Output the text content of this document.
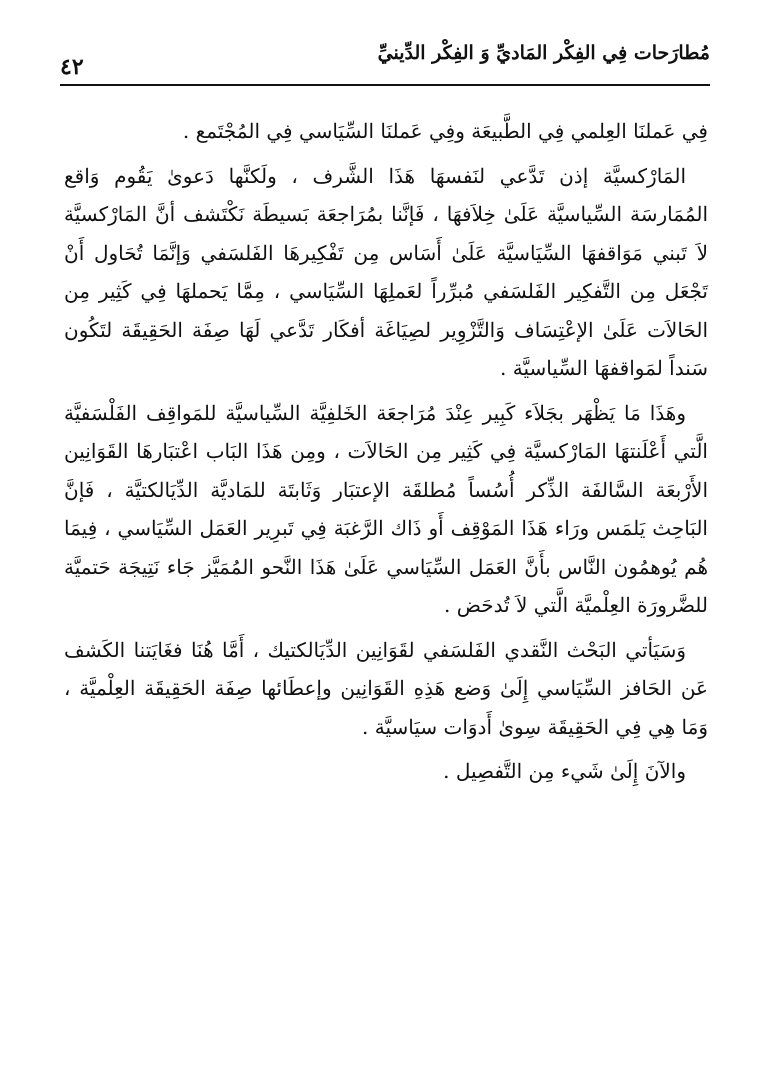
مُطارَحات فِي الفِكْر المَاديِّ وَ الفِكْر الدِّينيِّ
٤٢

فِي عَملنَا العِلمي فِي الطَّبيعَة وفِي عَملنَا السِّيَاسي فِي المُجْتَمع .

المَارْكسيَّة إذن تَدَّعي لنَفسهَا هَذَا الشَّرف ، ولَكنَّها دَعوىٰ يَقُوم وَاقع المُمَارسَة السِّياسيَّة عَلَىٰ خِلاَفهَا ، فَإنَّنا بمُرَاجعَة بَسيطَة نَكْتَشف أنَّ المَارْكسيَّة لاَ تَبني مَوَاقفهَا السِّيَاسيَّة عَلَىٰ أَسَاس مِن تَفْكِيرهَا الفَلسَفي وَإنَّمَا تُحَاول أَنْ تَجْعَل مِن التَّفكِير الفَلسَفي مُبرِّراً لعَملِهَا السِّيَاسي ، مِمَّا يَحملهَا فِي كَثِير مِن الحَالاَت عَلَىٰ الإعْتِسَاف وَالتَّزْوِير لصِيَاغَة أفكَار تَدَّعي لَهَا صِفَة الحَقِيقَة لتَكُون سَنداً لمَواقفهَا السِّياسيَّة .

وهَذَا مَا يَظْهَر بجَلاَء كَبِير عِنْدَ مُرَاجعَة الخَلفِيَّة السِّياسيَّة للمَواقِف الفَلْسَفيَّة الَّتي أَعْلَنتهَا المَارْكسيَّة فِي كَثِير مِن الحَالاَت ، ومِن هَذَا البَاب اعْتبَارهَا القَوَانِين الأَرْبعَة السَّالفَة الذِّكر أُسُساً مُطلقَة الإعتبَار وَثَابتَة للمَاديَّة الدِّيَالكتيَّة ، فَإنَّ البَاحِث يَلمَس ورَاء هَذَا المَوْقِف أَو ذَاك الرَّغبَة فِي تَبرِير العَمَل السِّيَاسي ، فِيمَا هُم يُوهمُون النَّاس بأَنَّ العَمَل السِّيَاسي عَلَىٰ هَذَا النَّحو المُمَيَّز جَاء نَتِيجَة حَتميَّة للضَّرورَة العِلْميَّة الَّتي لاَ تُدحَض .

وَسَيَأتي البَحْث النَّقدي الفَلسَفي لقَوَانِين الدِّيَالكتيك ، أَمَّا هُنَا فغَايَتنا الكَشف عَن الحَافز السِّيَاسي إِلَىٰ وَضع هَذِهِ القَوَانِين وإعطَائها صِفَة الحَقِيقَة العِلْميَّة ، وَمَا هِي فِي الحَقِيقَة سِوىٰ أَدوَات سيَاسيَّة .

والآنَ إِلَىٰ شَيء مِن التَّفصِيل .
